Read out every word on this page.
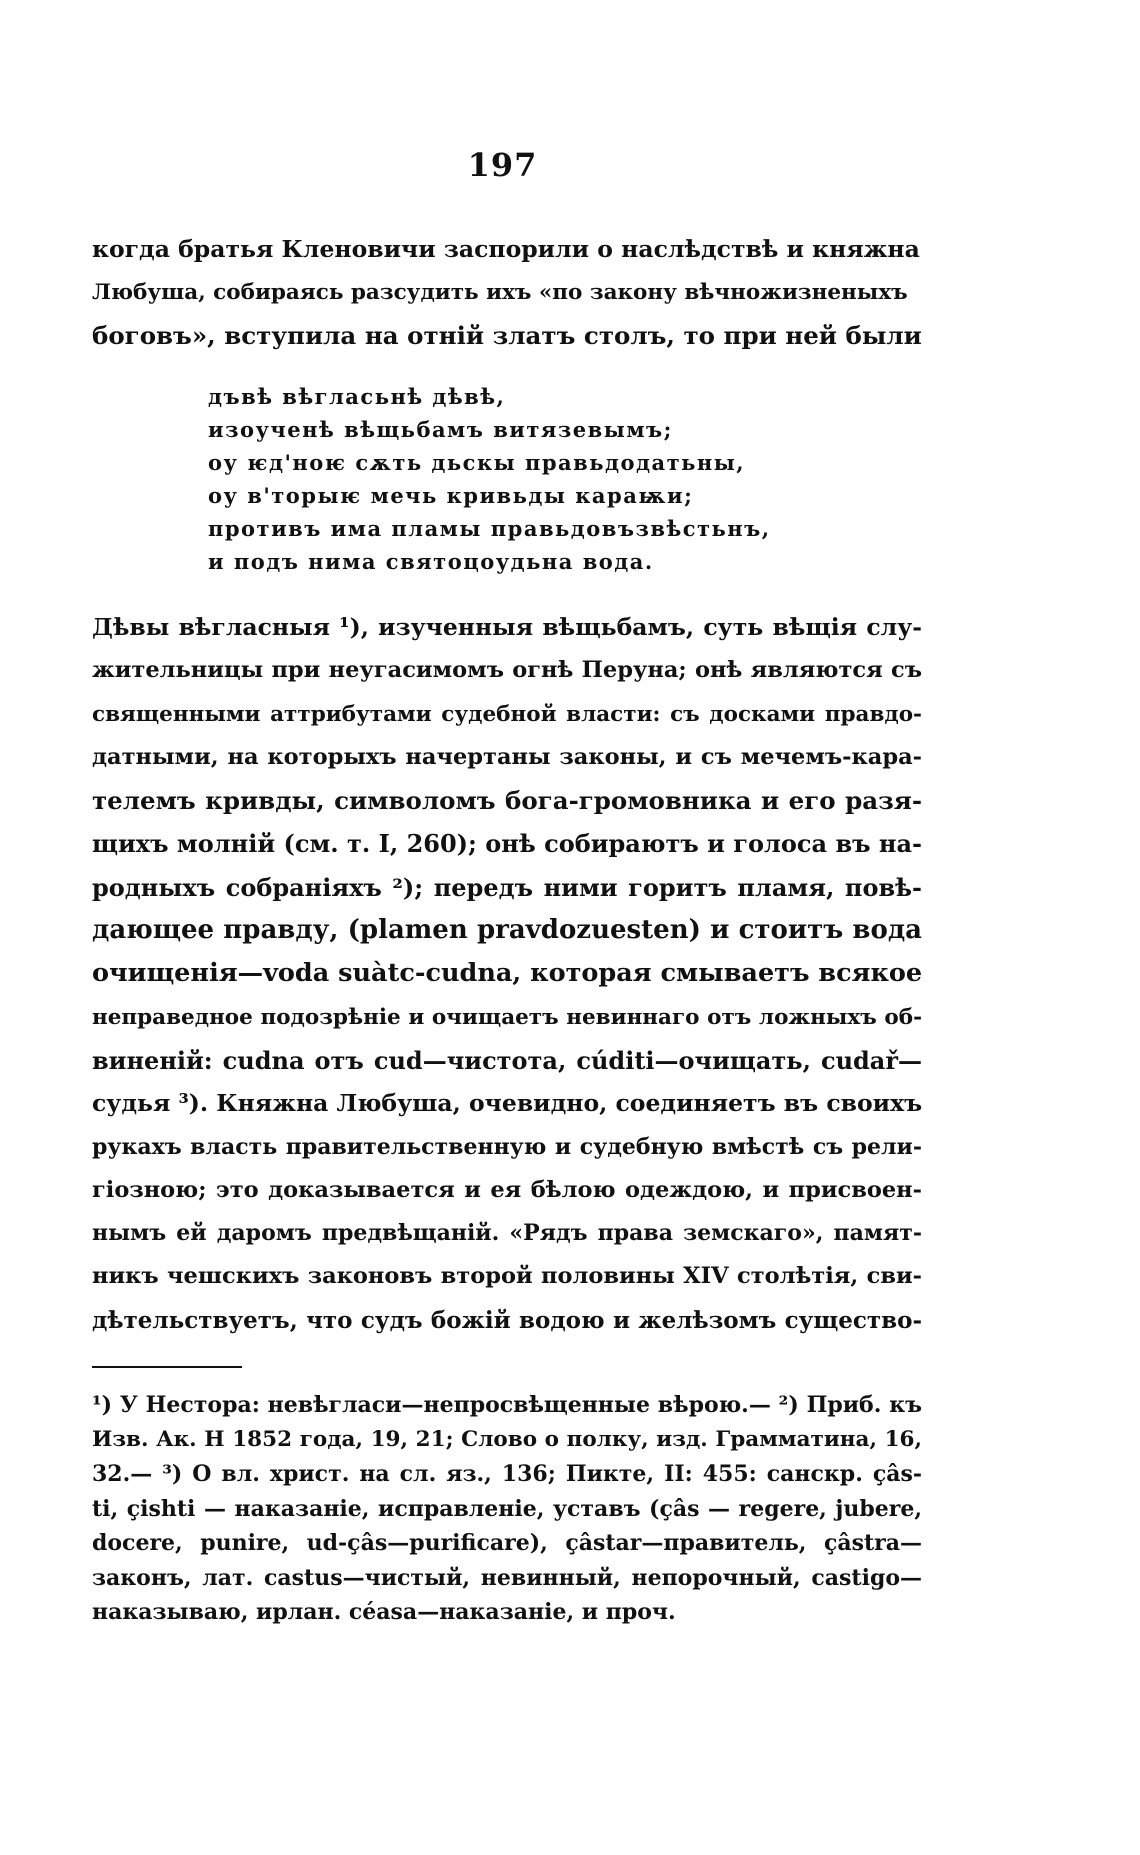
197
когда братья Кленовичи заспорили о наслѣдствѣ и княжна
Любуша, собираясь разсудить ихъ «по закону вѣчножизненыхъ
боговъ», вступила на отній златъ столъ, то при ней были
дъвѣ вѣгласьнѣ дѣвѣ,
изоученѣ вѣщьбамъ витязевымъ;
оу ѥд'ноѥ сѫть дьскы правьдодатьны,
оу в'торыѥ мечь кривьды караѭи;
противъ има пламы правьдовъзвѣстьнъ,
и подъ нима святоцоудьна вода.
Дѣвы вѣгласныя ¹), изученныя вѣщьбамъ, суть вѣщія слу-
жительницы при неугасимомъ огнѣ Перуна; онѣ являются съ
священными аттрибутами судебной власти: съ досками правдо-
датными, на которыхъ начертаны законы, и съ мечемъ-кара-
телемъ кривды, символомъ бога-громовника и его разя-
щихъ молній (см. т. I, 260); онѣ собираютъ и голоса въ на-
родныхъ собраніяхъ ²); передъ ними горитъ пламя, повѣ-
дающее правду, (plamen pravdozuesten) и стоитъ вода
очищенія—voda suàtc-cudna, которая смываетъ всякое
неправедное подозрѣніе и очищаетъ невиннаго отъ ложныхъ об-
виненій: cudna отъ cud—чистота, cúditi—очищать, cudař—
судья ³). Княжна Любуша, очевидно, соединяетъ въ своихъ
рукахъ власть правительственную и судебную вмѣстѣ съ рели-
гіозною; это доказывается и ея бѣлою одеждою, и присвоен-
нымъ ей даромъ предвѣщаній. «Рядъ права земскаго», памят-
никъ чешскихъ законовъ второй половины XIV столѣтія, сви-
дѣтельствуетъ, что судъ божій водою и желѣзомъ существо-
¹) У Нестора: невѣгласи—непросвѣщенные вѣрою.— ²) Приб. къ
Изв. Ак. Н 1852 года, 19, 21; Слово о полку, изд. Грамматина, 16,
32.— ³) О вл. христ. на сл. яз., 136; Пикте, II: 455: санскр. çâs-
ti, çishti — наказаніе, исправленіе, уставъ (çâs — regere, jubere,
docere, punire, ud-çâs—purificare), çâstar—правитель, çâstra—
законъ, лат. castus—чистый, невинный, непорочный, castigo—
наказываю, ирлан. céasa—наказаніе, и проч.
